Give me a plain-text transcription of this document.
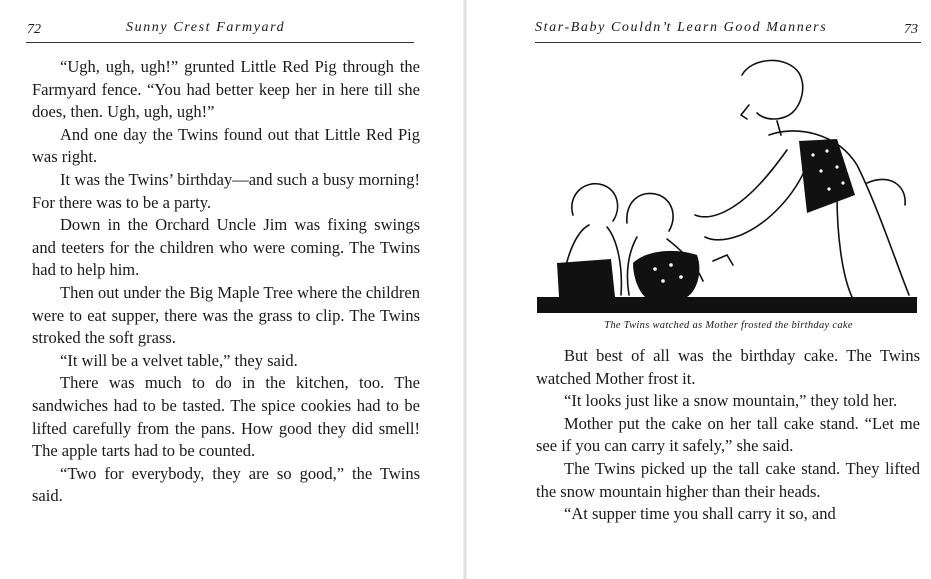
72	Sunny Crest Farmyard

“Ugh, ugh, ugh!” grunted Little Red Pig through the Farmyard fence. “You had better keep her in here till she does, then. Ugh, ugh, ugh!”

And one day the Twins found out that Little Red Pig was right.

It was the Twins’ birthday—and such a busy morning! For there was to be a party.

Down in the Orchard Uncle Jim was fixing swings and teeters for the children who were coming. The Twins had to help him.

Then out under the Big Maple Tree where the children were to eat supper, there was the grass to clip. The Twins stroked the soft grass.

“It will be a velvet table,” they said.

There was much to do in the kitchen, too. The sandwiches had to be tasted. The spice cookies had to be lifted carefully from the pans. How good they did smell! The apple tarts had to be counted.

“Two for everybody, they are so good,” the Twins said.

Star-Baby Couldn’t Learn Good Manners	73

But best of all was the birthday cake. The Twins watched Mother frost it.

“It looks just like a snow mountain,” they told her.

Mother put the cake on her tall cake stand. “Let me see if you can carry it safely,” she said.

The Twins picked up the tall cake stand. They lifted the snow mountain higher than their heads.

“At supper time you shall carry it so, and

The Twins watched as Mother frosted the birthday cake
